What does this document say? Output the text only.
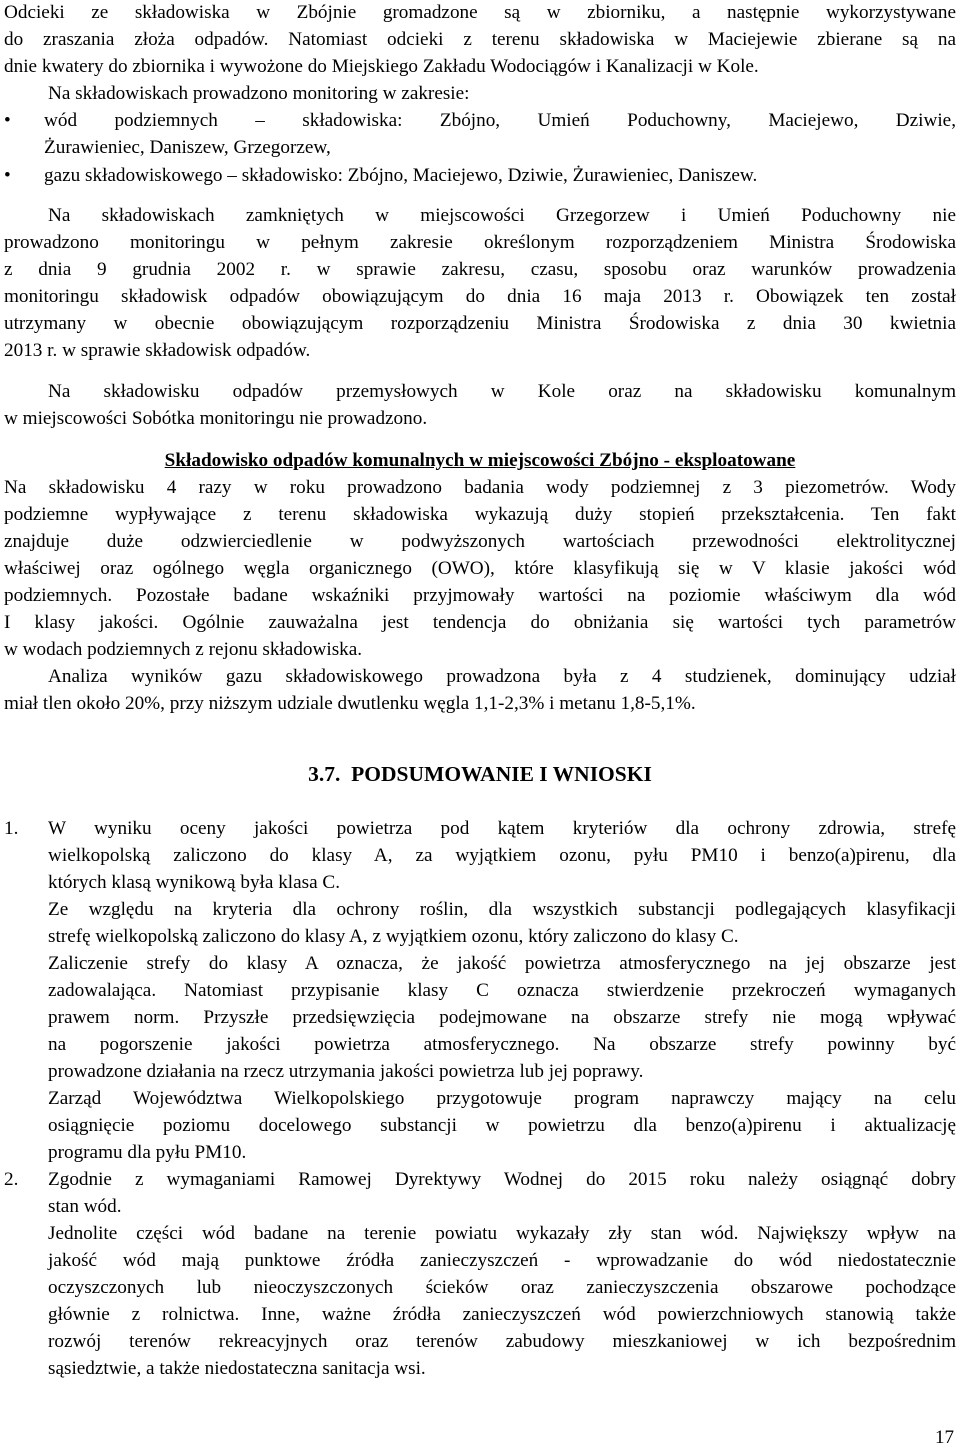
Odcieki ze składowiska w Zbójnie gromadzone są w zbiorniku, a następnie wykorzystywane

do zraszania złoża odpadów. Natomiast odcieki z terenu składowiska w Maciejewie zbierane są na

dnie kwatery do zbiornika i wywożone do Miejskiego Zakładu Wodociągów i Kanalizacji w Kole.

Na składowiskach prowadzono monitoring w zakresie:

•	wód podziemnych – składowiska: Zbójno, Umień Poduchowny, Maciejewo, Dziwie,

Żurawieniec, Daniszew, Grzegorzew,

•	gazu składowiskowego – składowisko: Zbójno, Maciejewo, Dziwie, Żurawieniec, Daniszew.

Na składowiskach zamkniętych w miejscowości Grzegorzew i Umień Poduchowny nie

prowadzono monitoringu w pełnym zakresie określonym rozporządzeniem Ministra Środowiska

z dnia 9 grudnia 2002 r. w sprawie zakresu, czasu, sposobu oraz warunków prowadzenia

monitoringu składowisk odpadów obowiązującym do dnia 16 maja 2013 r. Obowiązek ten został

utrzymany w obecnie obowiązującym rozporządzeniu Ministra Środowiska z dnia 30 kwietnia

2013 r. w sprawie składowisk odpadów.

Na składowisku odpadów przemysłowych w Kole oraz na składowisku komunalnym

w miejscowości Sobótka monitoringu nie prowadzono.

Składowisko odpadów komunalnych w miejscowości Zbójno - eksploatowane

Na składowisku 4 razy w roku prowadzono badania wody podziemnej z 3 piezometrów. Wody

podziemne wypływające z terenu składowiska wykazują duży stopień przekształcenia. Ten fakt

znajduje duże odzwierciedlenie w podwyższonych wartościach przewodności elektrolitycznej

właściwej oraz ogólnego węgla organicznego (OWO), które klasyfikują się w V klasie jakości wód

podziemnych. Pozostałe badane wskaźniki przyjmowały wartości na poziomie właściwym dla wód

I klasy jakości. Ogólnie zauważalna jest tendencja do obniżania się wartości tych parametrów

w wodach podziemnych z rejonu składowiska.

Analiza wyników gazu składowiskowego prowadzona była z 4 studzienek, dominujący udział

miał tlen około 20%, przy niższym udziale dwutlenku węgla 1,1-2,3% i metanu 1,8-5,1%.

3.7. PODSUMOWANIE I WNIOSKI

1.	W wyniku oceny jakości powietrza pod kątem kryteriów dla ochrony zdrowia, strefę

wielkopolską zaliczono do klasy A, za wyjątkiem ozonu, pyłu PM10 i benzo(a)pirenu, dla

których klasą wynikową była klasa C.

Ze względu na kryteria dla ochrony roślin, dla wszystkich substancji podlegających klasyfikacji

strefę wielkopolską zaliczono do klasy A, z wyjątkiem ozonu, który zaliczono do klasy C.

Zaliczenie strefy do klasy A oznacza, że jakość powietrza atmosferycznego na jej obszarze jest

zadowalająca. Natomiast przypisanie klasy C oznacza stwierdzenie przekroczeń wymaganych

prawem norm. Przyszłe przedsięwzięcia podejmowane na obszarze strefy nie mogą wpływać

na pogorszenie jakości powietrza atmosferycznego. Na obszarze strefy powinny być

prowadzone działania na rzecz utrzymania jakości powietrza lub jej poprawy.

Zarząd Województwa Wielkopolskiego przygotowuje program naprawczy mający na celu

osiągnięcie poziomu docelowego substancji w powietrzu dla benzo(a)pirenu i aktualizację

programu dla pyłu PM10.

2.	Zgodnie z wymaganiami Ramowej Dyrektywy Wodnej do 2015 roku należy osiągnąć dobry

stan wód.

Jednolite części wód badane na terenie powiatu wykazały zły stan wód. Największy wpływ na

jakość wód mają punktowe źródła zanieczyszczeń - wprowadzanie do wód niedostatecznie

oczyszczonych lub nieoczyszczonych ścieków oraz zanieczyszczenia obszarowe pochodzące

głównie z rolnictwa. Inne, ważne źródła zanieczyszczeń wód powierzchniowych stanowią także

rozwój terenów rekreacyjnych oraz terenów zabudowy mieszkaniowej w ich bezpośrednim

sąsiedztwie, a także niedostateczna sanitacja wsi.

17
